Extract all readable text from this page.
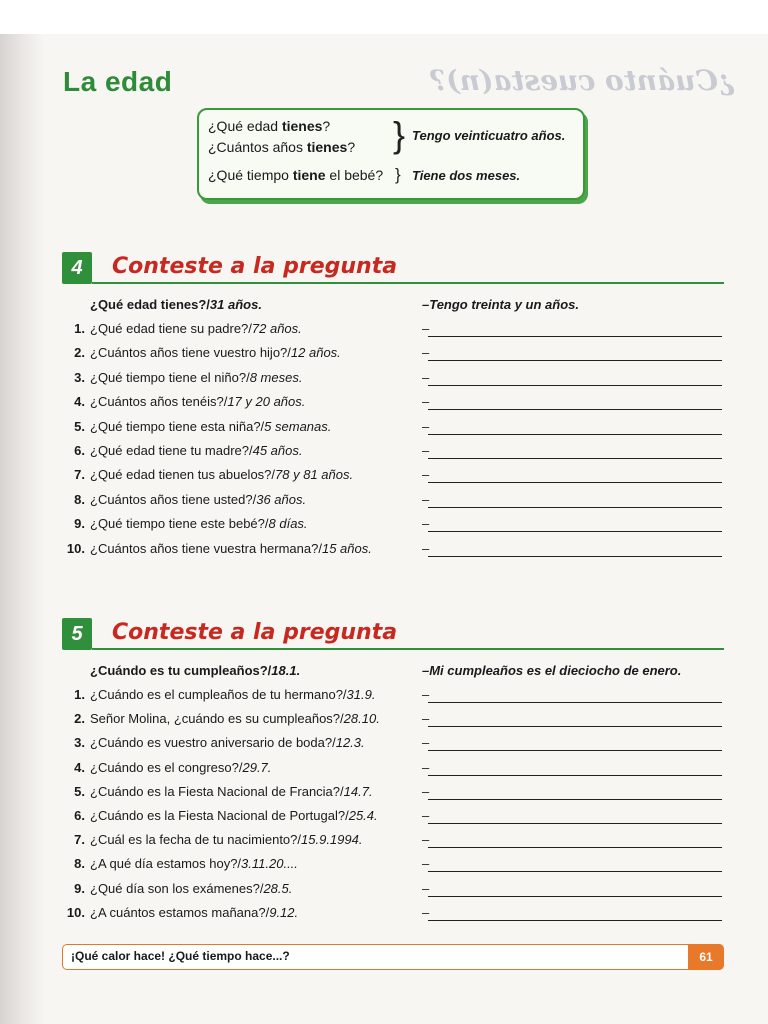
¿Cuánto cuesta(n)?
La edad
¿Qué edad tienes?
¿Cuántos años tienes? } Tengo veinticuatro años.
¿Qué tiempo tiene el bebé? } Tiene dos meses.
4	Conteste a la pregunta
¿Qué edad tienes?/31 años.	–Tengo treinta y un años.
1. ¿Qué edad tiene su padre?/72 años.	–
2. ¿Cuántos años tiene vuestro hijo?/12 años.	–
3. ¿Qué tiempo tiene el niño?/8 meses.	–
4. ¿Cuántos años tenéis?/17 y 20 años.	–
5. ¿Qué tiempo tiene esta niña?/5 semanas.	–
6. ¿Qué edad tiene tu madre?/45 años.	–
7. ¿Qué edad tienen tus abuelos?/78 y 81 años.	–
8. ¿Cuántos años tiene usted?/36 años.	–
9. ¿Qué tiempo tiene este bebé?/8 días.	–
10. ¿Cuántos años tiene vuestra hermana?/15 años.	–
5	Conteste a la pregunta
¿Cuándo es tu cumpleaños?/18.1.	–Mi cumpleaños es el dieciocho de enero.
1. ¿Cuándo es el cumpleaños de tu hermano?/31.9.	–
2. Señor Molina, ¿cuándo es su cumpleaños?/28.10.	–
3. ¿Cuándo es vuestro aniversario de boda?/12.3.	–
4. ¿Cuándo es el congreso?/29.7.	–
5. ¿Cuándo es la Fiesta Nacional de Francia?/14.7.	–
6. ¿Cuándo es la Fiesta Nacional de Portugal?/25.4.	–
7. ¿Cuál es la fecha de tu nacimiento?/15.9.1994.	–
8. ¿A qué día estamos hoy?/3.11.20....	–
9. ¿Qué día son los exámenes?/28.5.	–
10. ¿A cuántos estamos mañana?/9.12.	–
¡Qué calor hace! ¿Qué tiempo hace...?	61
